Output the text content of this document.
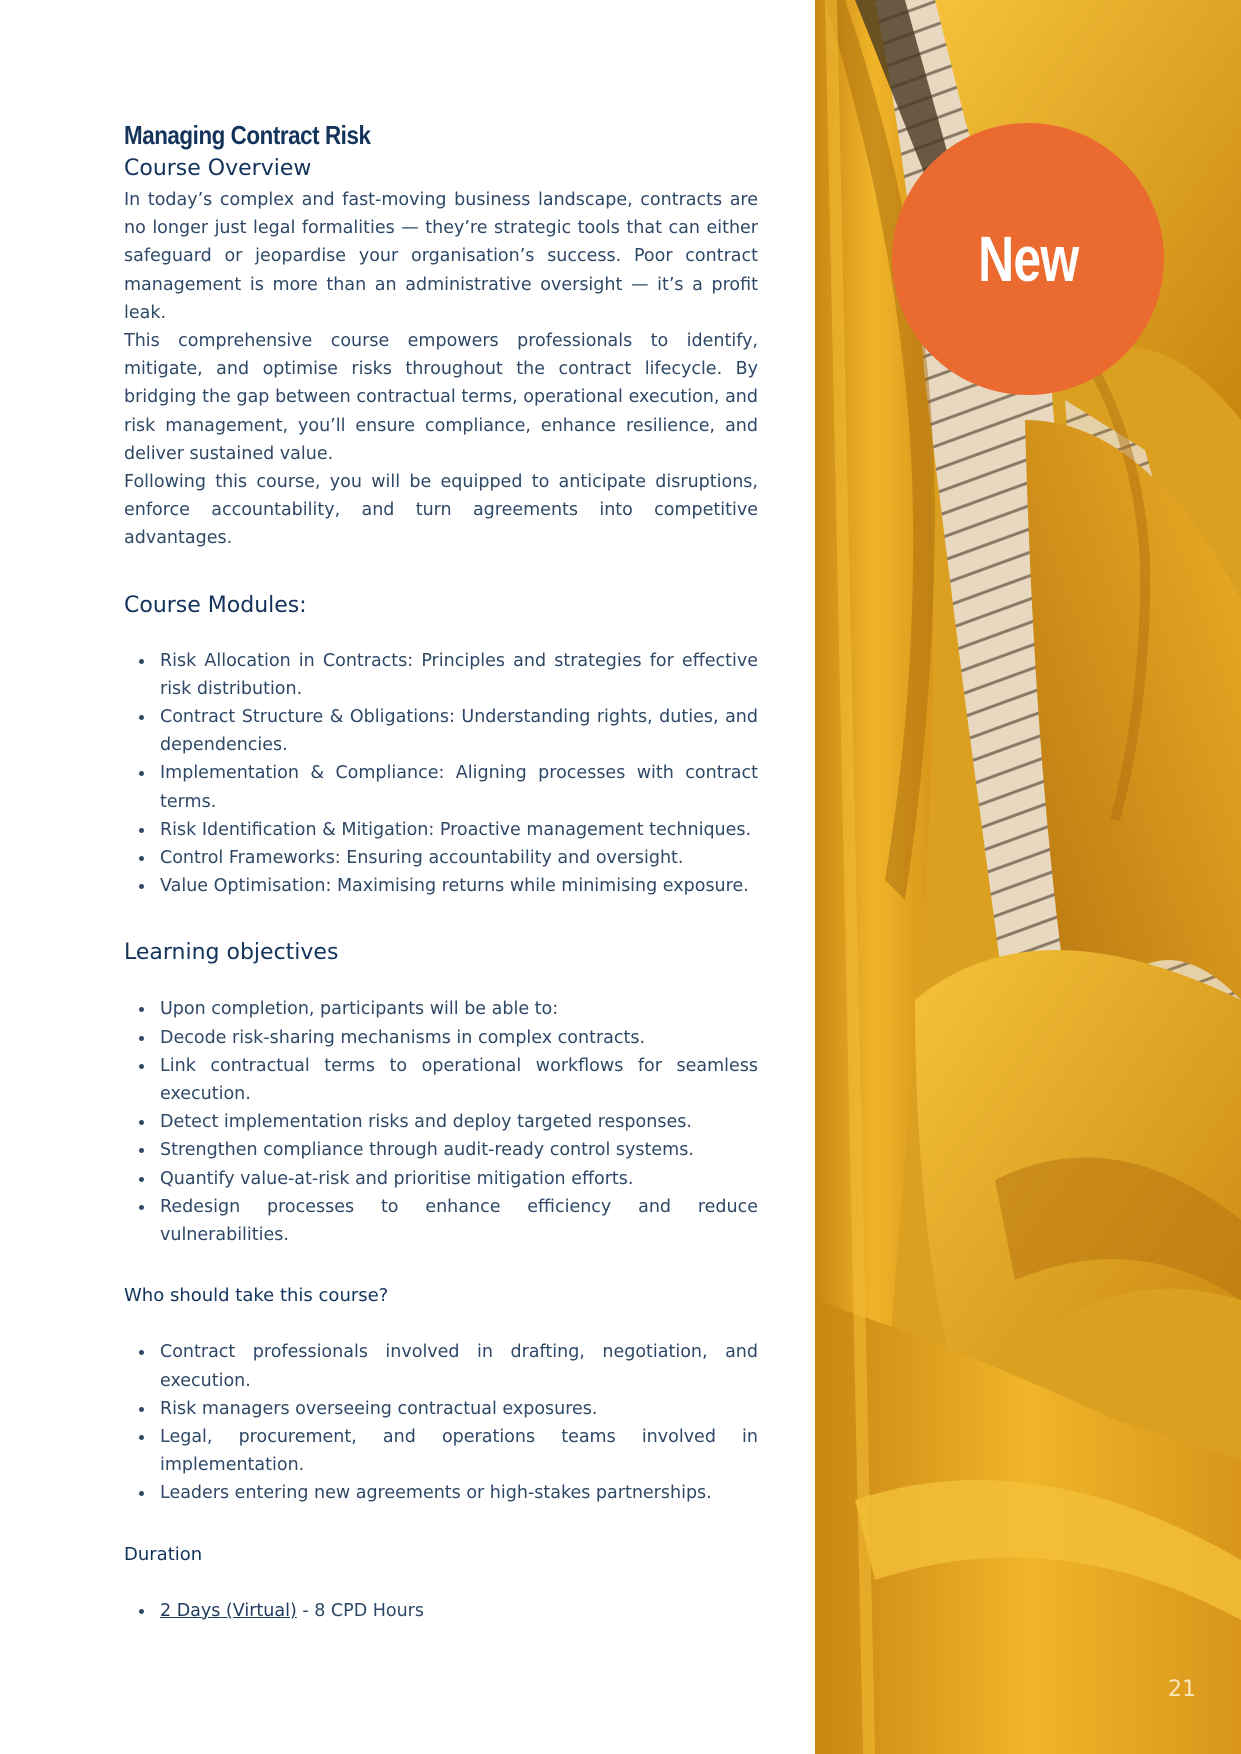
Managing Contract Risk
Course Overview

In today’s complex and fast-moving business landscape, contracts are no longer just legal formalities — they’re strategic tools that can either safeguard or jeopardise your organisation’s success. Poor contract management is more than an administrative oversight — it’s a profit leak.

This comprehensive course empowers professionals to identify, mitigate, and optimise risks throughout the contract lifecycle. By bridging the gap between contractual terms, operational execution, and risk management, you’ll ensure compliance, enhance resilience, and deliver sustained value.

Following this course, you will be equipped to anticipate disruptions, enforce accountability, and turn agreements into competitive advantages.

Course Modules:
Risk Allocation in Contracts: Principles and strategies for effective risk distribution.
Contract Structure & Obligations: Understanding rights, duties, and dependencies.
Implementation & Compliance: Aligning processes with contract terms.
Risk Identification & Mitigation: Proactive management techniques.
Control Frameworks: Ensuring accountability and oversight.
Value Optimisation: Maximising returns while minimising exposure.
Learning objectives
Upon completion, participants will be able to:
Decode risk-sharing mechanisms in complex contracts.
Link contractual terms to operational workflows for seamless execution.
Detect implementation risks and deploy targeted responses.
Strengthen compliance through audit-ready control systems.
Quantify value-at-risk and prioritise mitigation efforts.
Redesign processes to enhance efficiency and reduce vulnerabilities.
Who should take this course?
Contract professionals involved in drafting, negotiation, and execution.
Risk managers overseeing contractual exposures.
Legal, procurement, and operations teams involved in implementation.
Leaders entering new agreements or high-stakes partnerships.
Duration
2 Days (Virtual) - 8 CPD Hours
New
21
